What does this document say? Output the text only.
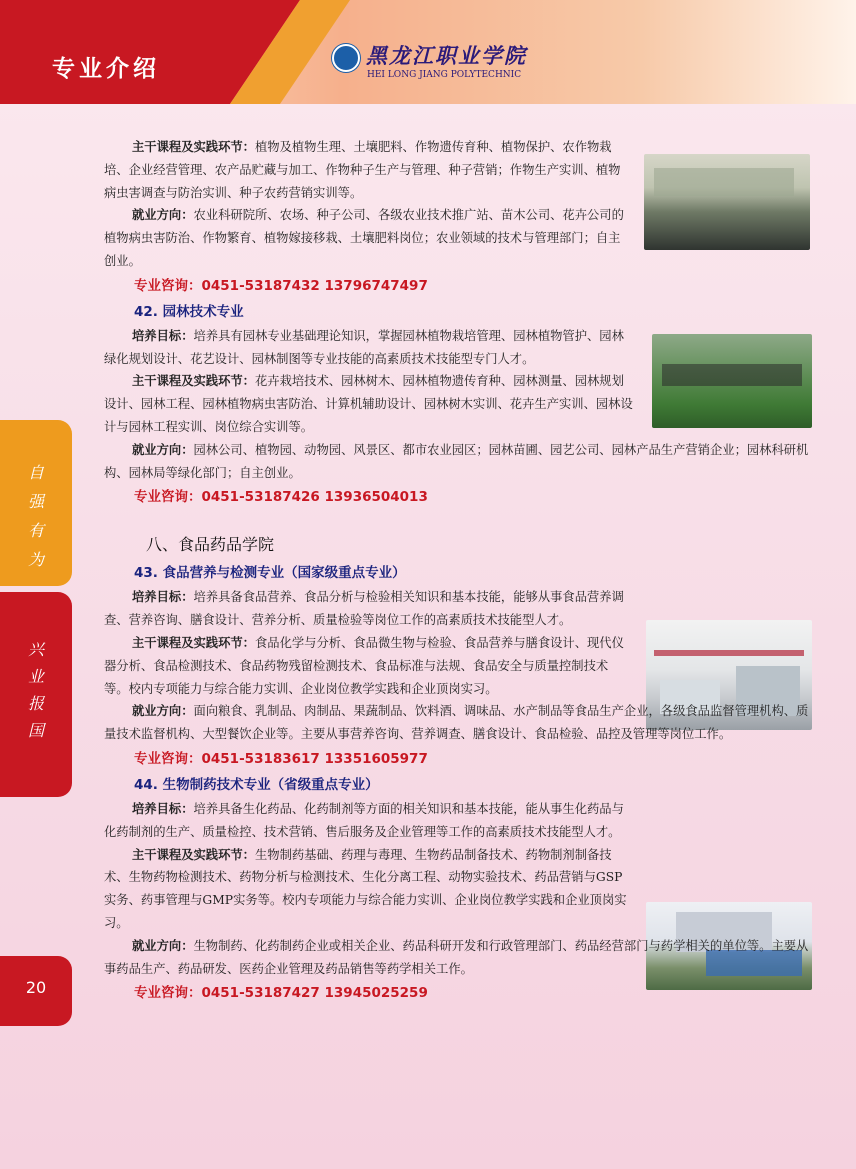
专业介绍
黑龙江职业学院
HEI LONG JIANG POLYTECHNIC
自
强
有
为
兴
业
报
国
20

主干课程及实践环节：植物及植物生理、土壤肥料、作物遗传育种、植物保护、农作物栽培、企业经营管理、农产品贮藏与加工、作物种子生产与管理、种子营销；作物生产实训、植物病虫害调查与防治实训、种子农药营销实训等。

就业方向：农业科研院所、农场、种子公司、各级农业技术推广站、苗木公司、花卉公司的植物病虫害防治、作物繁育、植物嫁接移栽、土壤肥料岗位；农业领域的技术与管理部门；自主创业。

专业咨询：0451-53187432 13796747497
42. 园林技术专业

培养目标：培养具有园林专业基础理论知识，掌握园林植物栽培管理、园林植物管护、园林绿化规划设计、花艺设计、园林制图等专业技能的高素质技术技能型专门人才。

主干课程及实践环节：花卉栽培技术、园林树木、园林植物遗传育种、园林测量、园林规划设计、园林工程、园林植物病虫害防治、计算机辅助设计、园林树木实训、花卉生产实训、园林设计与园林工程实训、岗位综合实训等。

就业方向：园林公司、植物园、动物园、风景区、都市农业园区；园林苗圃、园艺公司、园林产品生产营销企业；园林科研机构、园林局等绿化部门；自主创业。

专业咨询：0451-53187426 13936504013
八、食品药品学院
43. 食品营养与检测专业（国家级重点专业）

培养目标：培养具备食品营养、食品分析与检验相关知识和基本技能，能够从事食品营养调查、营养咨询、膳食设计、营养分析、质量检验等岗位工作的高素质技术技能型人才。

主干课程及实践环节：食品化学与分析、食品微生物与检验、食品营养与膳食设计、现代仪器分析、食品检测技术、食品药物残留检测技术、食品标准与法规、食品安全与质量控制技术等。校内专项能力与综合能力实训、企业岗位教学实践和企业顶岗实习。

就业方向：面向粮食、乳制品、肉制品、果蔬制品、饮料酒、调味品、水产制品等食品生产企业，各级食品监督管理机构、质量技术监督机构、大型餐饮企业等。主要从事营养咨询、营养调查、膳食设计、食品检验、品控及管理等岗位工作。

专业咨询：0451-53183617 13351605977
44. 生物制药技术专业（省级重点专业）

培养目标：培养具备生化药品、化药制剂等方面的相关知识和基本技能，能从事生化药品与化药制剂的生产、质量检控、技术营销、售后服务及企业管理等工作的高素质技术技能型人才。

主干课程及实践环节：生物制药基础、药理与毒理、生物药品制备技术、药物制剂制备技术、生物药物检测技术、药物分析与检测技术、生化分离工程、动物实验技术、药品营销与GSP实务、药事管理与GMP实务等。校内专项能力与综合能力实训、企业岗位教学实践和企业顶岗实习。

就业方向：生物制药、化药制药企业或相关企业、药品科研开发和行政管理部门、药品经营部门与药学相关的单位等。主要从事药品生产、药品研发、医药企业管理及药品销售等药学相关工作。

专业咨询：0451-53187427 13945025259
